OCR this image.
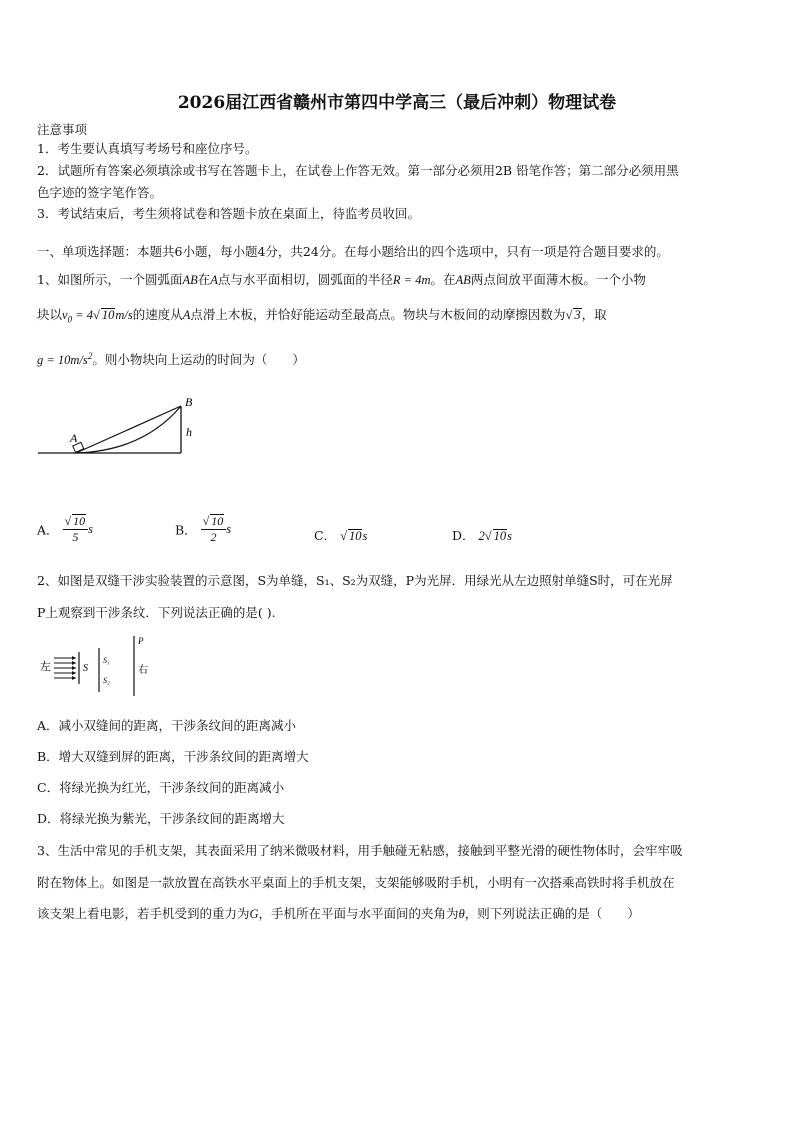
2026届江西省赣州市第四中学高三（最后冲刺）物理试卷
注意事项
1．考生要认真填写考场号和座位序号。
2．试题所有答案必须填涂或书写在答题卡上，在试卷上作答无效。第一部分必须用2B 铅笔作答；第二部分必须用黑
色字迹的签字笔作答。
3．考试结束后，考生须将试卷和答题卡放在桌面上，待监考员收回。
一、单项选择题：本题共6小题，每小题4分，共24分。在每小题给出的四个选项中，只有一项是符合题目要求的。
1、如图所示，一个圆弧面AB在A点与水平面相切，圆弧面的半径R = 4m。在AB两点间放平面薄木板。一个小物
块以$v_0 = 4√$ 10m/s的速度从A点滑上木板，并恰好能运动至最高点。物块与木板间的动摩擦因数为√ 3，取
$g = 10m/s^2$。则小物块向上运动的时间为（　　）
A
B
h
A． $\frac{√ 10}{5}$ s	B． $\frac{√ 10}{2}$ s	C． √ 10s	D． 2√ 10s
2、如图是双缝干涉实验装置的示意图，S为单缝，S₁、S₂为双缝，P为光屏．用绿光从左边照射单缝S时，可在光屏
P上观察到干涉条纹．下列说法正确的是( ).
左	S
S₁
S₂
P
右
A．减小双缝间的距离，干涉条纹间的距离减小
B．增大双缝到屏的距离，干涉条纹间的距离增大
C．将绿光换为红光，干涉条纹间的距离减小
D．将绿光换为紫光，干涉条纹间的距离增大
3、生活中常见的手机支架，其表面采用了纳米微吸材料，用手触碰无粘感，接触到平整光滑的硬性物体时，会牢牢吸
附在物体上。如图是一款放置在高铁水平桌面上的手机支架，支架能够吸附手机，小明有一次搭乘高铁时将手机放在
该支架上看电影，若手机受到的重力为G，手机所在平面与水平面间的夹角为θ，则下列说法正确的是（　　）
